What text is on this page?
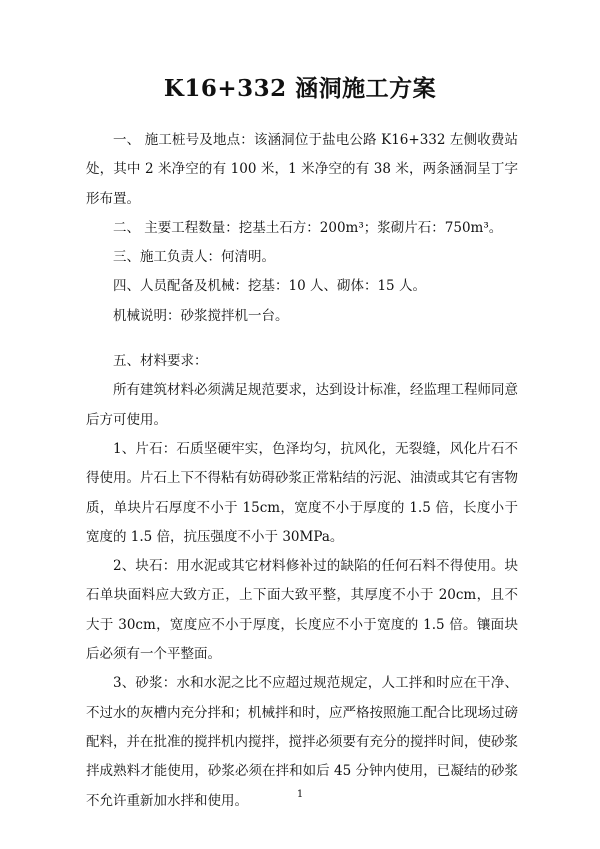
K16+332 涵洞施工方案

一、 施工桩号及地点：该涵洞位于盐电公路 K16+332 左侧收费站处，其中 2 米净空的有 100 米，1 米净空的有 38 米，两条涵洞呈丁字形布置。

二、 主要工程数量：挖基土石方：200m³；浆砌片石：750m³。

三、施工负责人：何清明。

四、人员配备及机械：挖基：10 人、砌体：15 人。

机械说明：砂浆搅拌机一台。

五、材料要求：

所有建筑材料必须满足规范要求，达到设计标准，经监理工程师同意后方可使用。

1、片石：石质坚硬牢实，色泽均匀，抗风化，无裂缝，风化片石不得使用。片石上下不得粘有妨碍砂浆正常粘结的污泥、油渍或其它有害物质，单块片石厚度不小于 15cm，宽度不小于厚度的 1.5 倍，长度小于宽度的 1.5 倍，抗压强度不小于 30MPa。

2、块石：用水泥或其它材料修补过的缺陷的任何石料不得使用。块石单块面料应大致方正，上下面大致平整，其厚度不小于 20cm，且不大于 30cm，宽度应不小于厚度，长度应不小于宽度的 1.5 倍。镶面块后必须有一个平整面。

3、砂浆：水和水泥之比不应超过规范规定，人工拌和时应在干净、不过水的灰槽内充分拌和；机械拌和时，应严格按照施工配合比现场过磅配料，并在批准的搅拌机内搅拌，搅拌必须要有充分的搅拌时间，使砂浆拌成熟料才能使用，砂浆必须在拌和如后 45 分钟内使用，已凝结的砂浆不允许重新加水拌和使用。	1
